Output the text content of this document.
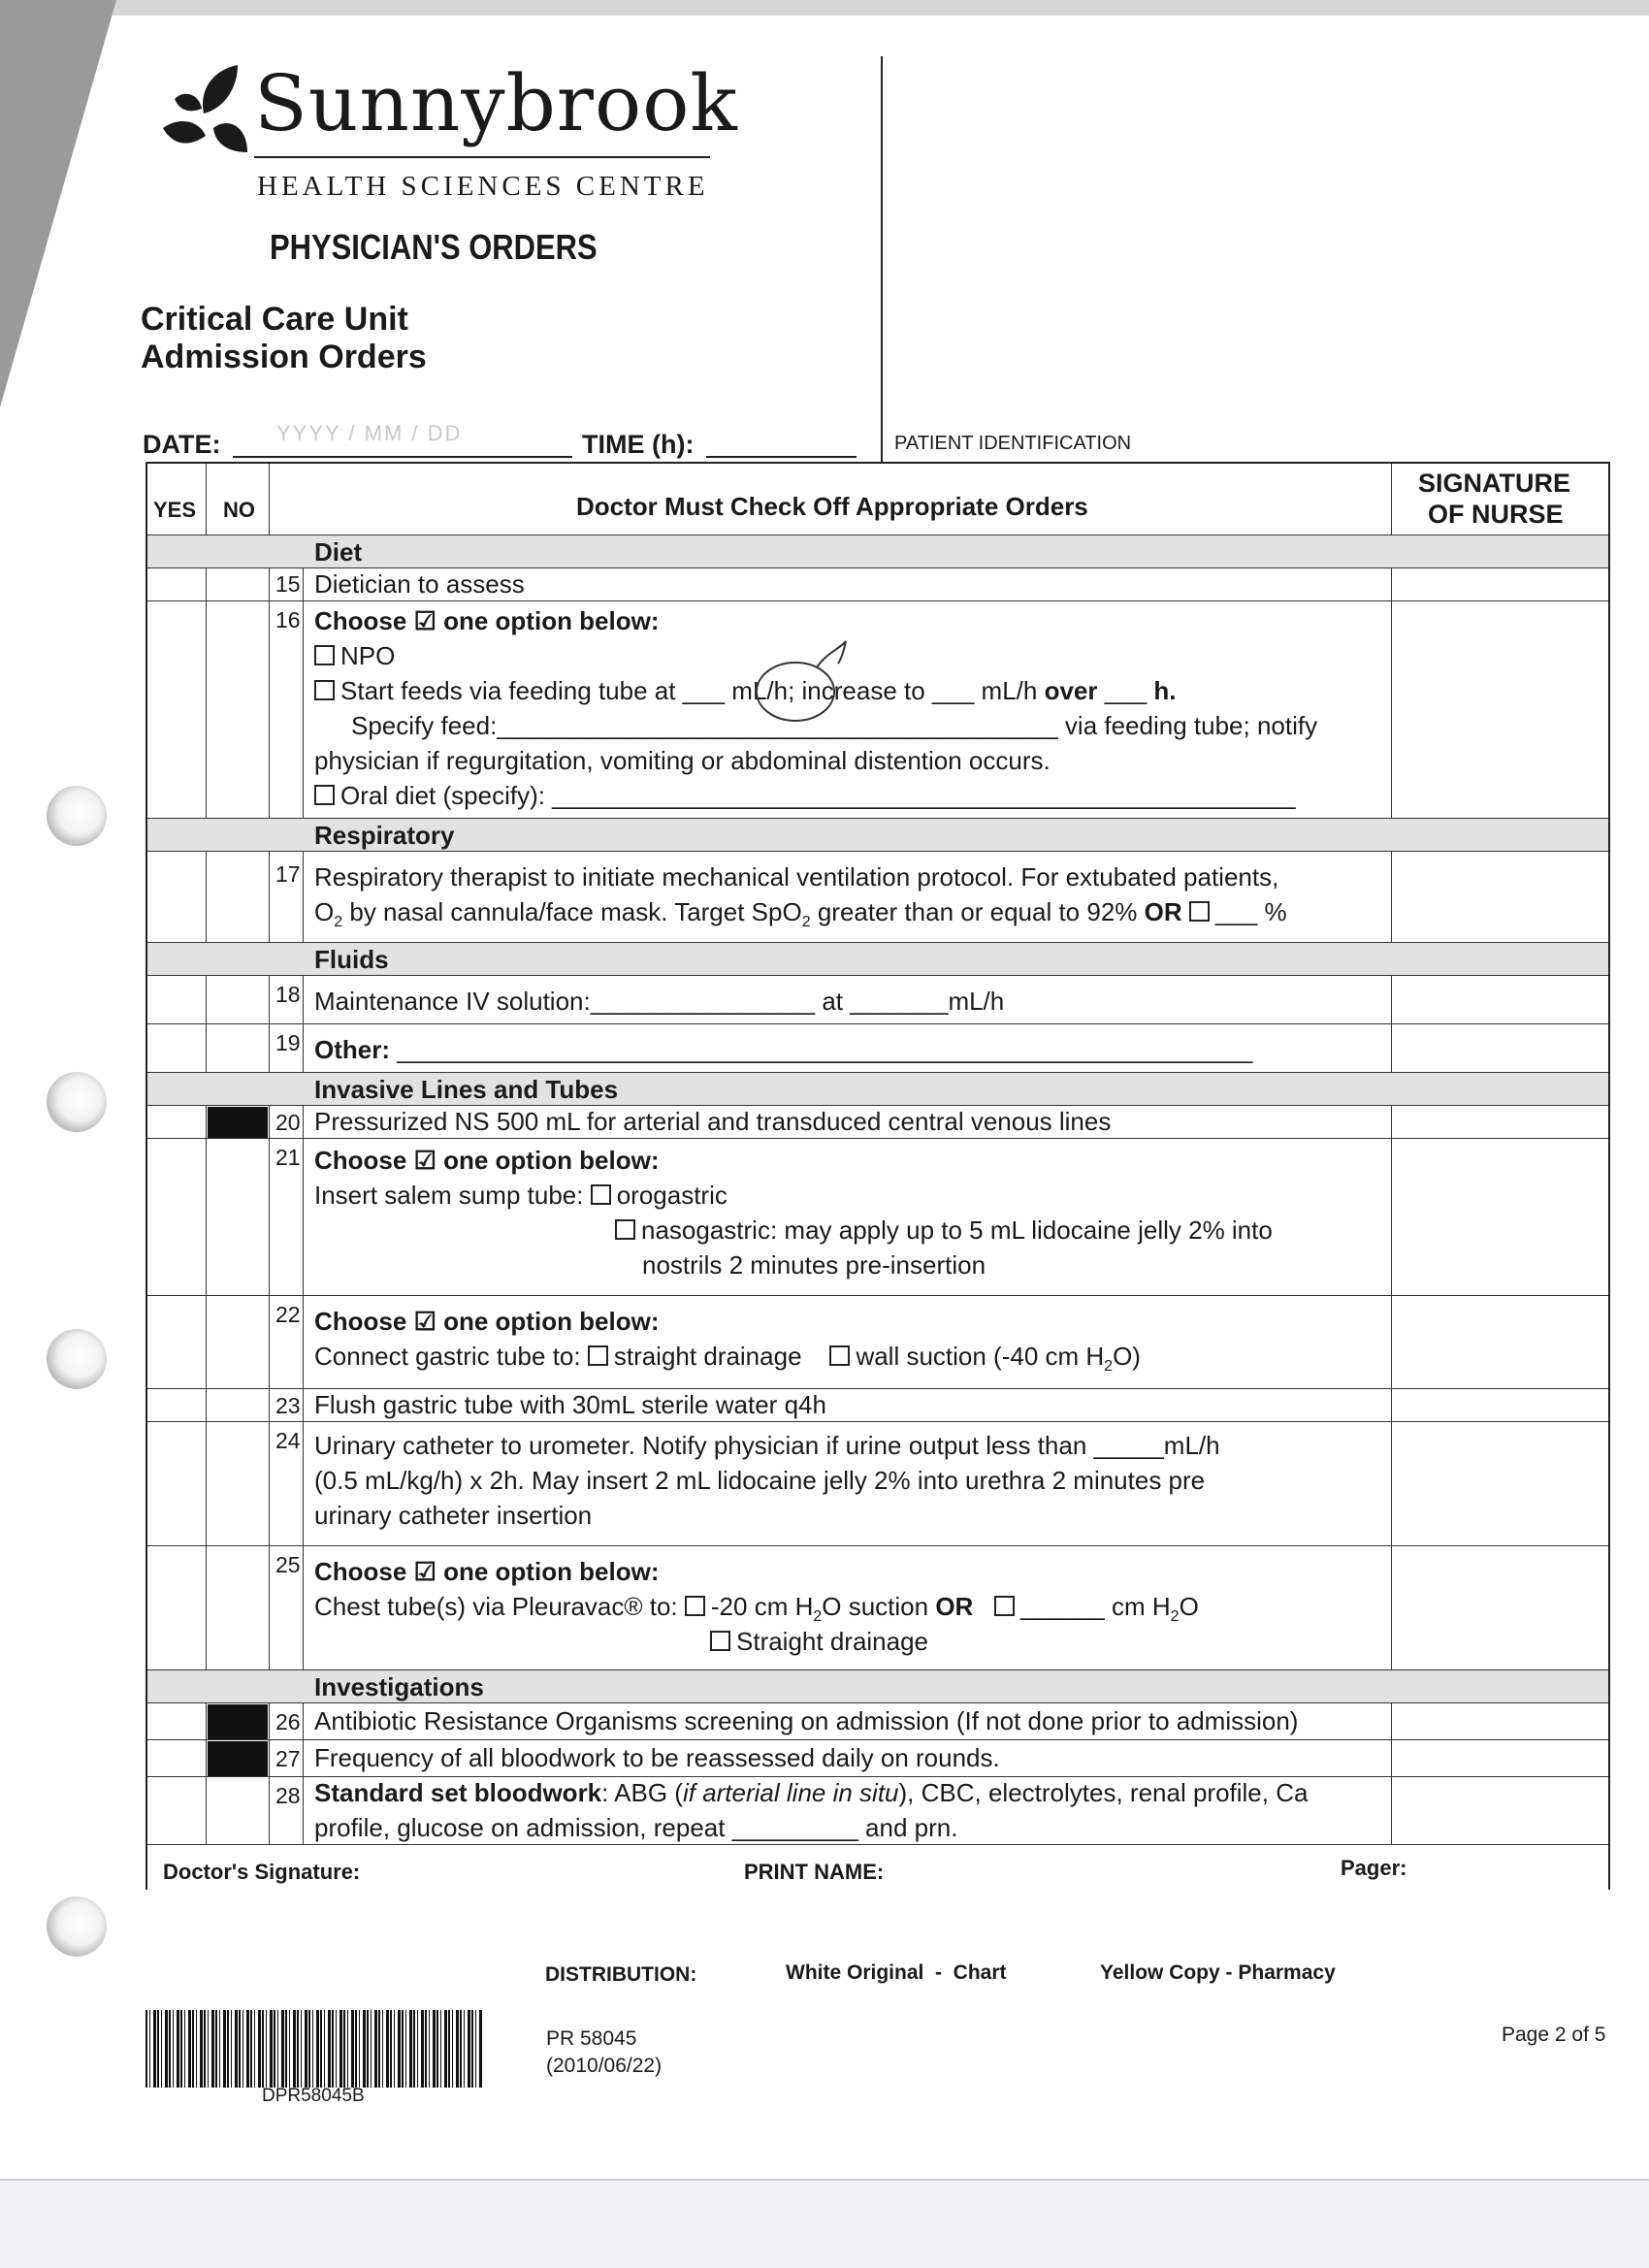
Sunnybrook
HEALTH SCIENCES CENTRE
PHYSICIAN'S ORDERS
Critical Care Unit
Admission Orders
DATE:	YYYY / MM / DD	TIME (h):	PATIENT IDENTIFICATION
YES NO	Doctor Must Check Off Appropriate Orders
SIGNATURE
OF NURSE
Diet
15 Dietician to assess
16 Choose ☑ one option below:
NPO
Start feeds via feeding tube at ___ mL/h; increase to ___ mL/h over ___ h.
Specify feed:________________________________________ via feeding tube; notify
physician if regurgitation, vomiting or abdominal distention occurs.
Oral diet (specify): _____________________________________________________
Respiratory
17 Respiratory therapist to initiate mechanical ventilation protocol. For extubated patients,
$O_2$ by nasal cannula/face mask. Target SpO$_2$ greater than or equal to 92% OR ___ %
Fluids
18 Maintenance IV solution:________________ at _______mL/h
19 Other: _____________________________________________________________
Invasive Lines and Tubes
20 Pressurized NS 500 mL for arterial and transduced central venous lines
21 Choose ☑ one option below:
Insert salem sump tube: orogastric
nasogastric: may apply up to 5 mL lidocaine jelly 2% into
nostrils 2 minutes pre-insertion
22 Choose ☑ one option below:
Connect gastric tube to: straight drainage wall suction (-40 cm $H_2O$)
23 Flush gastric tube with 30mL sterile water q4h
24 Urinary catheter to urometer. Notify physician if urine output less than _____mL/h
(0.5 mL/kg/h) x 2h. May insert 2 mL lidocaine jelly 2% into urethra 2 minutes pre
urinary catheter insertion
25 Choose ☑ one option below:
Chest tube(s) via Pleuravac® to: -20 cm $H_2O$ suction OR ______ cm $H_2O$
Straight drainage
Investigations
26 Antibiotic Resistance Organisms screening on admission (If not done prior to admission)
27 Frequency of all bloodwork to be reassessed daily on rounds.
28 Standard set bloodwork: ABG (if arterial line in situ), CBC, electrolytes, renal profile, Ca
profile, glucose on admission, repeat _________ and prn.
Doctor's Signature:	PRINT NAME:	Pager:
DISTRIBUTION:	White Original  -  Chart	Yellow Copy - Pharmacy
DPR58045B
PR 58045
(2010/06/22)
Page 2 of 5
